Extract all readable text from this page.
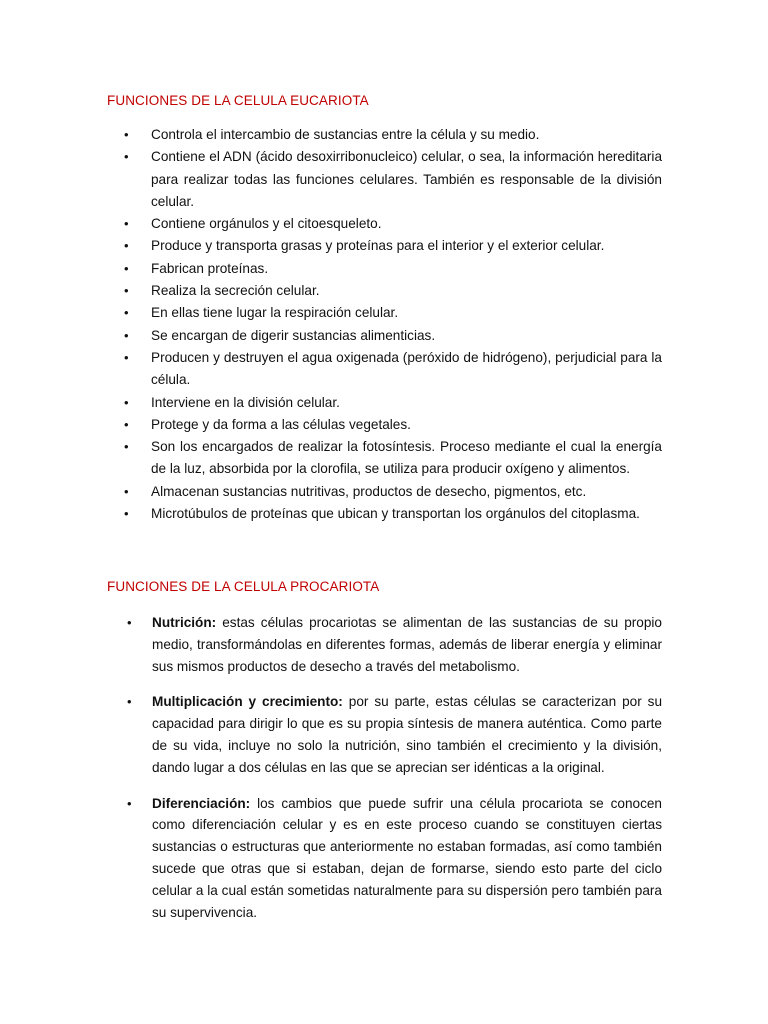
FUNCIONES DE LA CELULA EUCARIOTA
• Controla el intercambio de sustancias entre la célula y su medio.
• Contiene el ADN (ácido desoxirribonucleico) celular, o sea, la información hereditaria para realizar todas las funciones celulares. También es responsable de la división celular.
• Contiene orgánulos y el citoesqueleto.
• Produce y transporta grasas y proteínas para el interior y el exterior celular.
• Fabrican proteínas.
• Realiza la secreción celular.
• En ellas tiene lugar la respiración celular.
• Se encargan de digerir sustancias alimenticias.
• Producen y destruyen el agua oxigenada (peróxido de hidrógeno), perjudicial para la célula.
• Interviene en la división celular.
• Protege y da forma a las células vegetales.
• Son los encargados de realizar la fotosíntesis. Proceso mediante el cual la energía de la luz, absorbida por la clorofila, se utiliza para producir oxígeno y alimentos.
• Almacenan sustancias nutritivas, productos de desecho, pigmentos, etc.
• Microtúbulos de proteínas que ubican y transportan los orgánulos del citoplasma.
FUNCIONES DE LA CELULA PROCARIOTA
• Nutrición: estas células procariotas se alimentan de las sustancias de su propio medio, transformándolas en diferentes formas, además de liberar energía y eliminar sus mismos productos de desecho a través del metabolismo.
• Multiplicación y crecimiento: por su parte, estas células se caracterizan por su capacidad para dirigir lo que es su propia síntesis de manera auténtica. Como parte de su vida, incluye no solo la nutrición, sino también el crecimiento y la división, dando lugar a dos células en las que se aprecian ser idénticas a la original.
• Diferenciación: los cambios que puede sufrir una célula procariota se conocen como diferenciación celular y es en este proceso cuando se constituyen ciertas sustancias o estructuras que anteriormente no estaban formadas, así como también sucede que otras que si estaban, dejan de formarse, siendo esto parte del ciclo celular a la cual están sometidas naturalmente para su dispersión pero también para su supervivencia.
